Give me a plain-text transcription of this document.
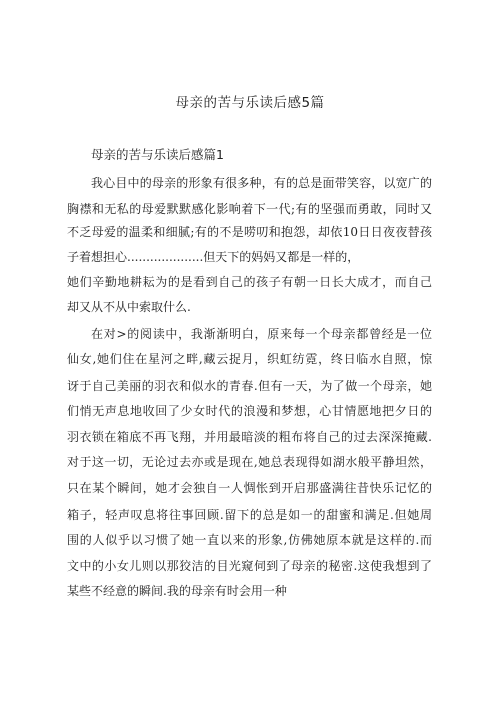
母亲的苦与乐读后感5篇
母亲的苦与乐读后感篇1
我心目中的母亲的形象有很多种，有的总是面带笑容，以宽广的
胸襟和无私的母爱默默感化影响着下一代;有的坚强而勇敢，同时又
不乏母爱的温柔和细腻;有的不是唠叨和抱怨，却依10日日夜夜替孩
子着想担心....................但天下的妈妈又都是一样的，
她们辛勤地耕耘为的是看到自己的孩子有朝一日长大成才，而自己
却又从不从中索取什么.
在对>的阅读中，我渐渐明白，原来每一个母亲都曾经是一位
仙女,她们住在星河之畔,藏云捉月，织虹纺霓，终日临水自照，惊
讶于自己美丽的羽衣和似水的青春.但有一天，为了做一个母亲，她
们悄无声息地收回了少女时代的浪漫和梦想，心甘情愿地把夕日的
羽衣锁在箱底不再飞翔，并用最暗淡的粗布将自己的过去深深掩藏.
对于这一切，无论过去亦或是现在,她总表现得如湖水般平静坦然，
只在某个瞬间，她才会独自一人惆怅到开启那盛满往昔快乐记忆的
箱子，轻声叹息将往事回顾.留下的总是如一的甜蜜和满足.但她周
围的人似乎以习惯了她一直以来的形象,仿佛她原本就是这样的.而
文中的小女儿则以那狡洁的目光窥伺到了母亲的秘密.这使我想到了
某些不经意的瞬间.我的母亲有时会用一种
